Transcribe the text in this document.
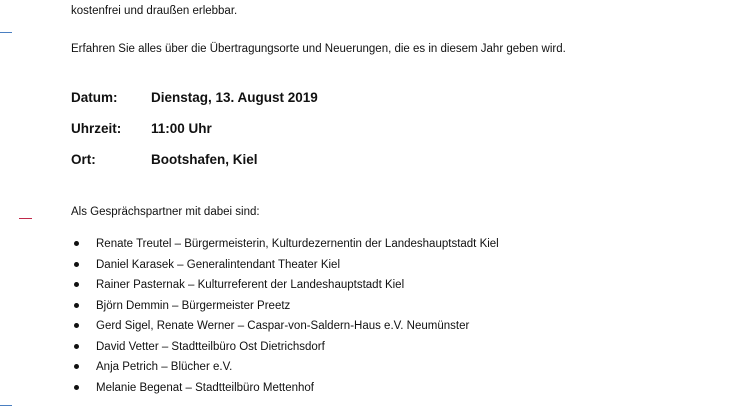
kostenfrei und draußen erlebbar.
Erfahren Sie alles über die Übertragungsorte und Neuerungen, die es in diesem Jahr geben wird.
Datum: Dienstag, 13. August 2019
Uhrzeit: 11:00 Uhr
Ort:	Bootshafen, Kiel
Als Gesprächspartner mit dabei sind:
Renate Treutel – Bürgermeisterin, Kulturdezernentin der Landeshauptstadt Kiel
Daniel Karasek – Generalintendant Theater Kiel
Rainer Pasternak – Kulturreferent der Landeshauptstadt Kiel
Björn Demmin – Bürgermeister Preetz
Gerd Sigel, Renate Werner – Caspar-von-Saldern-Haus e.V. Neumünster
David Vetter – Stadtteilbüro Ost Dietrichsdorf
Anja Petrich – Blücher e.V.
Melanie Begenat – Stadtteilbüro Mettenhof
